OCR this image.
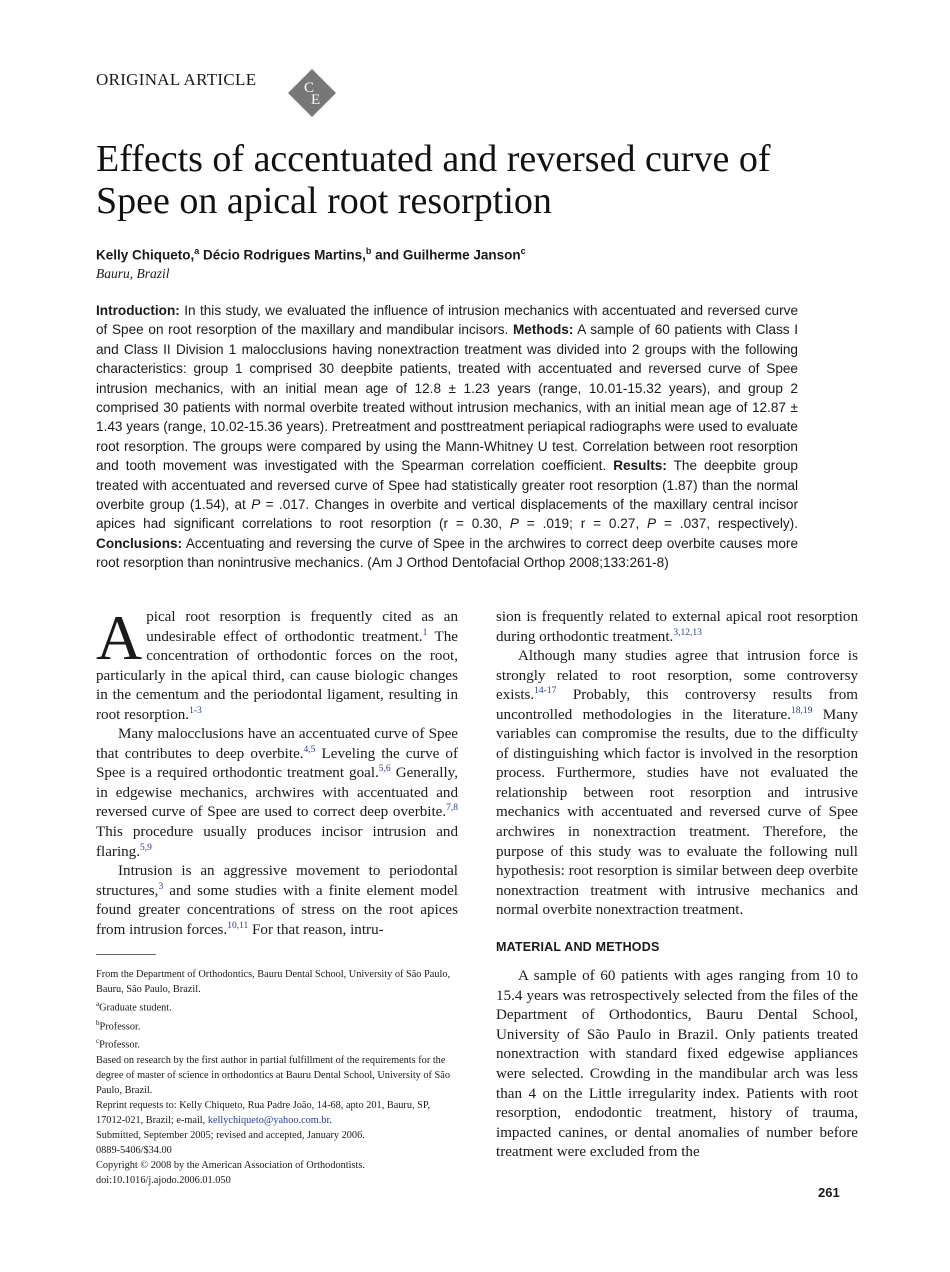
ORIGINAL ARTICLE	C
E
Effects of accentuated and reversed curve of
Spee on apical root resorption
Kelly Chiqueto,$^a$ Décio Rodrigues Martins,$^b$ and Guilherme Janson$^c$
Bauru, Brazil

Introduction: In this study, we evaluated the influence of intrusion mechanics with accentuated and reversed curve of Spee on root resorption of the maxillary and mandibular incisors. Methods: A sample of 60 patients with Class I and Class II Division 1 malocclusions having nonextraction treatment was divided into 2 groups with the following characteristics: group 1 comprised 30 deepbite patients, treated with accentuated and reversed curve of Spee intrusion mechanics, with an initial mean age of 12.8 ± 1.23 years (range, 10.01-15.32 years), and group 2 comprised 30 patients with normal overbite treated without intrusion mechanics, with an initial mean age of 12.87 ± 1.43 years (range, 10.02-15.36 years). Pretreatment and posttreatment periapical radiographs were used to evaluate root resorption. The groups were compared by using the Mann-Whitney U test. Correlation between root resorption and tooth movement was investigated with the Spearman correlation coefficient. Results: The deepbite group treated with accentuated and reversed curve of Spee had statistically greater root resorption (1.87) than the normal overbite group (1.54), at P = .017. Changes in overbite and vertical displacements of the maxillary central incisor apices had significant correlations to root resorption (r = 0.30, P = .019; r = 0.27, P = .037, respectively). Conclusions: Accentuating and reversing the curve of Spee in the archwires to correct deep overbite causes more root resorption than nonintrusive mechanics. (Am J Orthod Dentofacial Orthop 2008;133:261-8)

Apical root resorption is frequently cited as an undesirable effect of orthodontic treatment.$^1$ The concentration of orthodontic forces on the root, particularly in the apical third, can cause biologic changes in the cementum and the periodontal ligament, resulting in root resorption.$^{1-3}$

Many malocclusions have an accentuated curve of Spee that contributes to deep overbite.$^{4,5}$ Leveling the curve of Spee is a required orthodontic treatment goal.$^{5,6}$ Generally, in edgewise mechanics, archwires with accentuated and reversed curve of Spee are used to correct deep overbite.$^{7,8}$ This procedure usually produces incisor intrusion and flaring.$^{5,9}$

Intrusion is an aggressive movement to periodontal structures,$^3$ and some studies with a finite element model found greater concentrations of stress on the root apices from intrusion forces.$^{10,11}$ For that reason, intru-

From the Department of Orthodontics, Bauru Dental School, University of São Paulo, Bauru, São Paulo, Brazil.
$^a$Graduate student.
$^b$Professor.
$^c$Professor.
Based on research by the first author in partial fulfillment of the requirements for the degree of master of science in orthodontics at Bauru Dental School, University of São Paulo, Brazil.
Reprint requests to: Kelly Chiqueto, Rua Padre João, 14-68, apto 201, Bauru, SP, 17012-021, Brazil; e-mail, kellychiqueto@yahoo.com.br.
Submitted, September 2005; revised and accepted, January 2006.
0889-5406/$34.00
Copyright © 2008 by the American Association of Orthodontists.
doi:10.1016/j.ajodo.2006.01.050

sion is frequently related to external apical root resorption during orthodontic treatment.$^{3,12,13}$

Although many studies agree that intrusion force is strongly related to root resorption, some controversy exists.$^{14-17}$ Probably, this controversy results from uncontrolled methodologies in the literature.$^{18,19}$ Many variables can compromise the results, due to the difficulty of distinguishing which factor is involved in the resorption process. Furthermore, studies have not evaluated the relationship between root resorption and intrusive mechanics with accentuated and reversed curve of Spee archwires in nonextraction treatment. Therefore, the purpose of this study was to evaluate the following null hypothesis: root resorption is similar between deep overbite nonextraction treatment with intrusive mechanics and normal overbite nonextraction treatment.

MATERIAL AND METHODS

A sample of 60 patients with ages ranging from 10 to 15.4 years was retrospectively selected from the files of the Department of Orthodontics, Bauru Dental School, University of São Paulo in Brazil. Only patients treated nonextraction with standard fixed edgewise appliances were selected. Crowding in the mandibular arch was less than 4 on the Little irregularity index. Patients with root resorption, endodontic treatment, history of trauma, impacted canines, or dental anomalies of number before treatment were excluded from the

261
